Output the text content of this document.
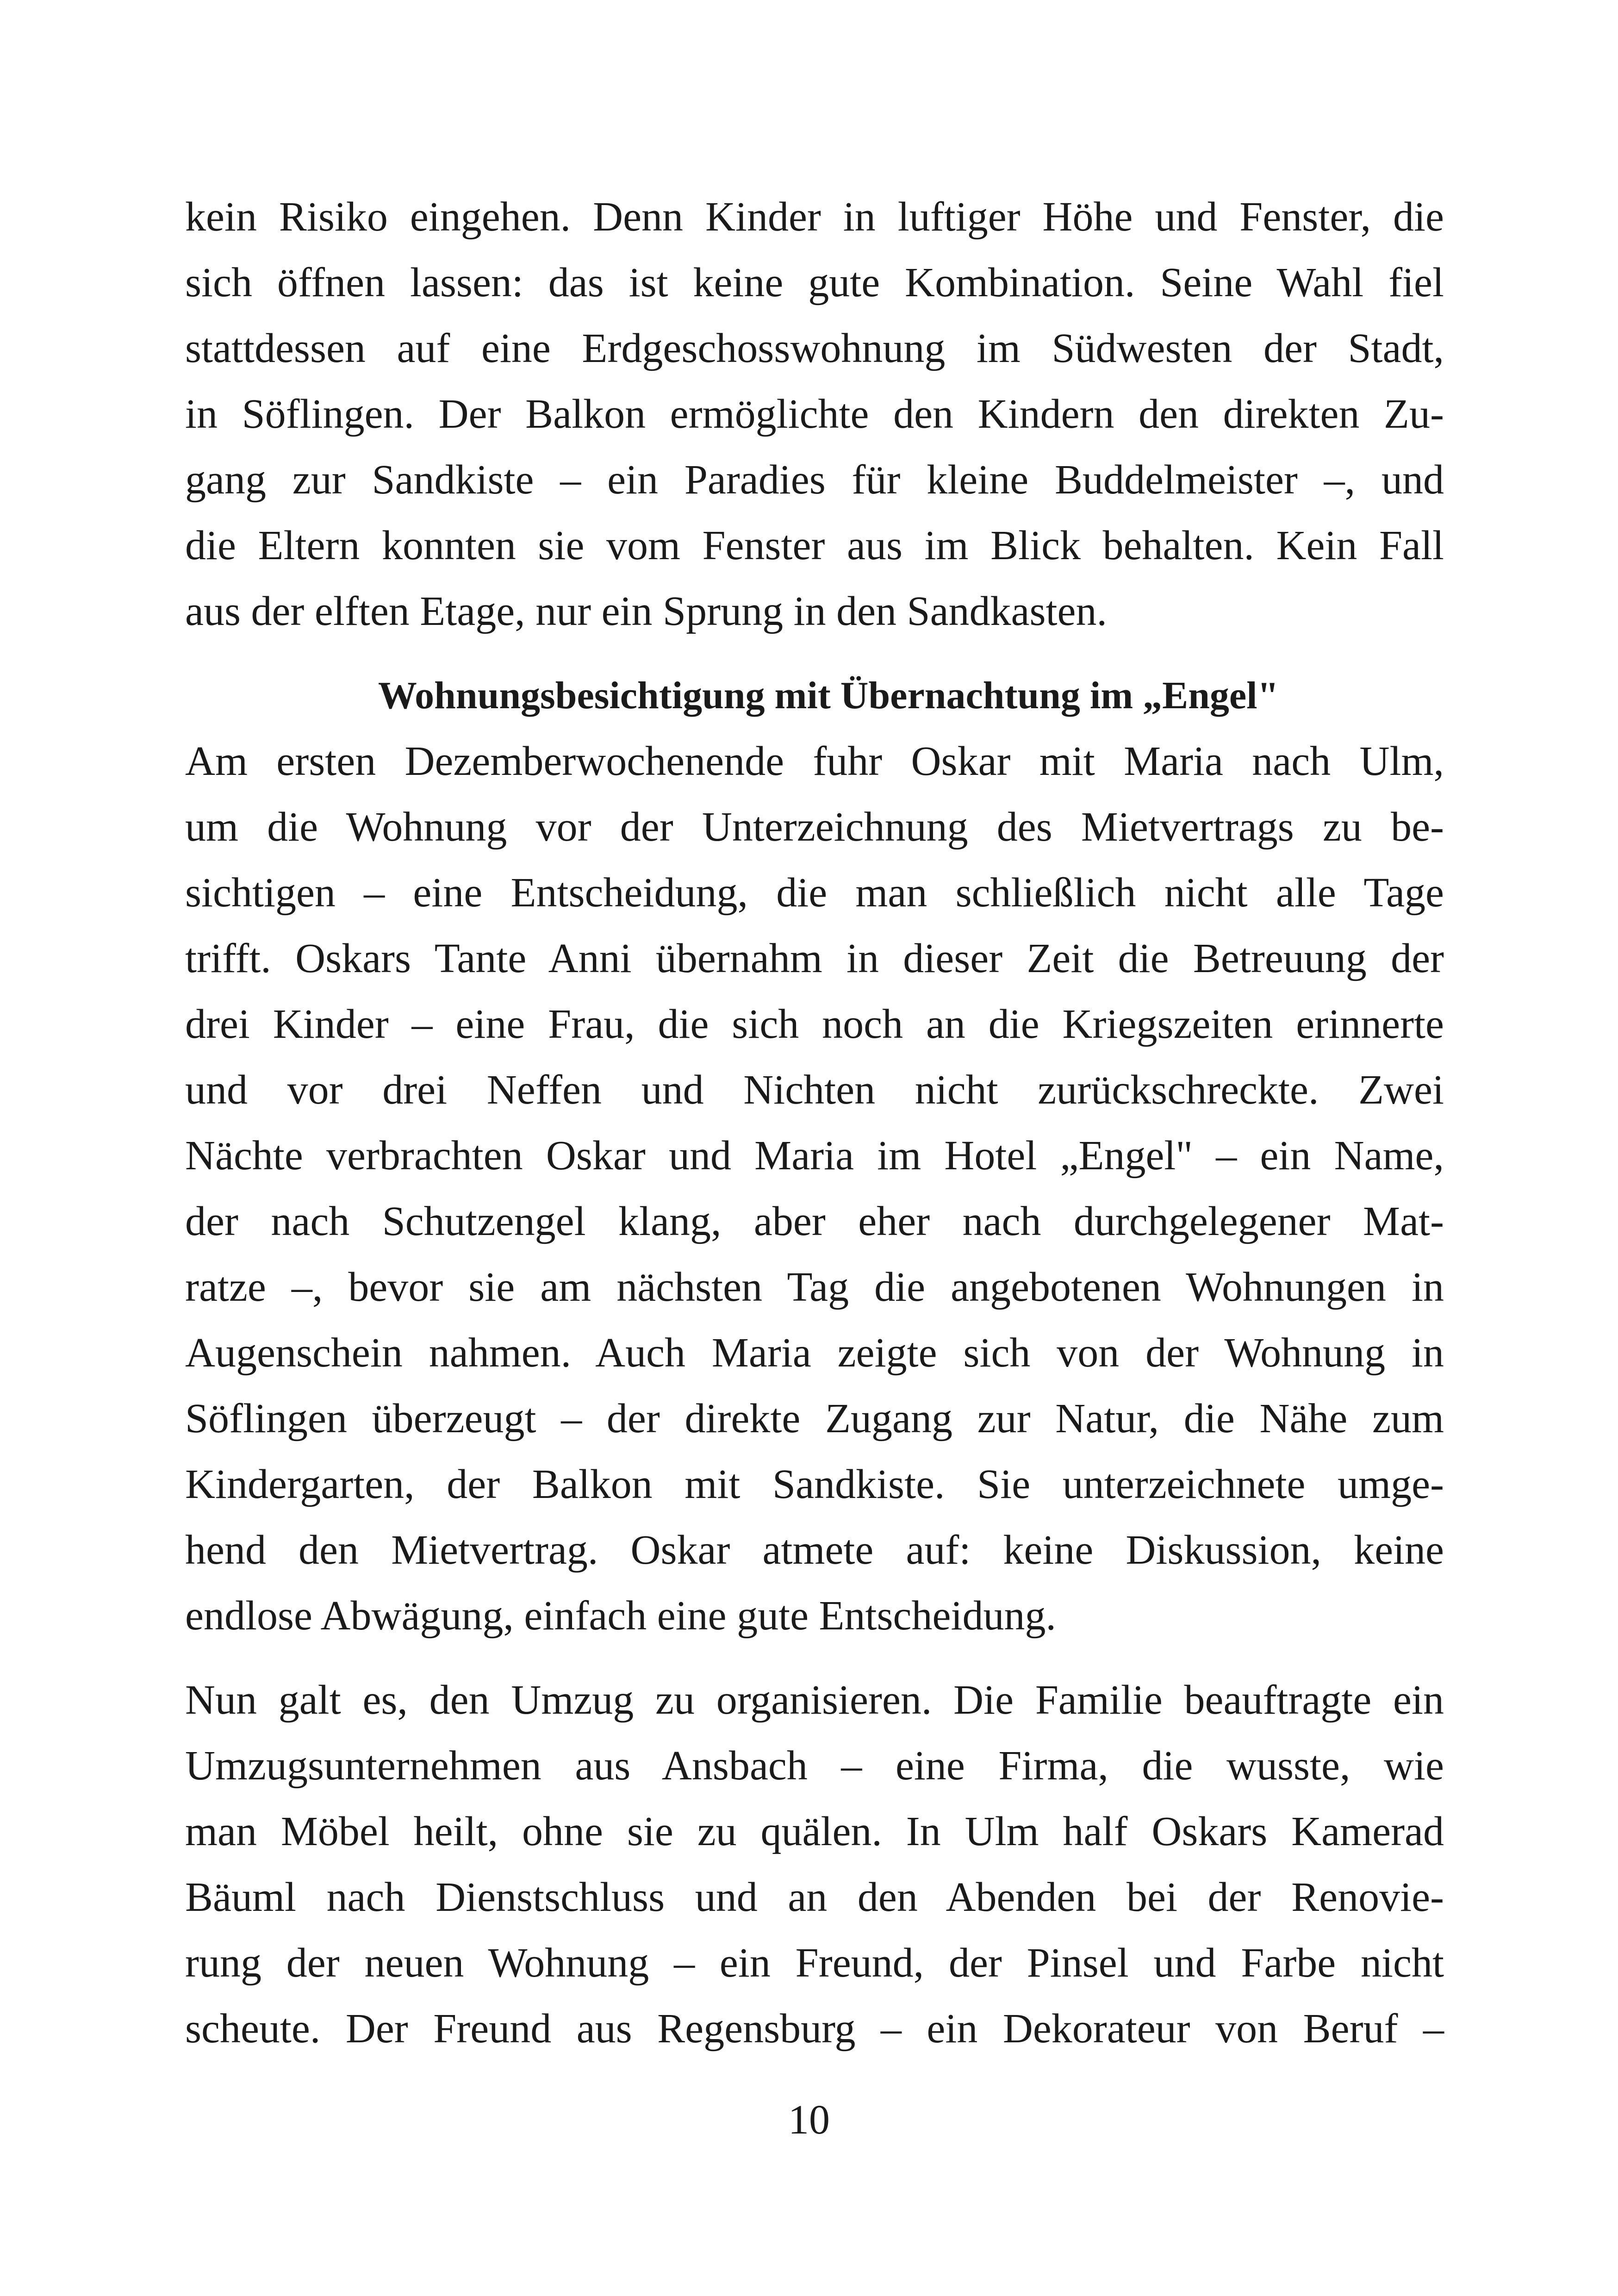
kein Risiko eingehen. Denn Kinder in luftiger Höhe und Fenster, die
sich öffnen lassen: das ist keine gute Kombination. Seine Wahl fiel
stattdessen auf eine Erdgeschosswohnung im Südwesten der Stadt,
in Söflingen. Der Balkon ermöglichte den Kindern den direkten Zu-
gang zur Sandkiste – ein Paradies für kleine Buddelmeister –, und
die Eltern konnten sie vom Fenster aus im Blick behalten. Kein Fall
aus der elften Etage, nur ein Sprung in den Sandkasten.

Wohnungsbesichtigung mit Übernachtung im „Engel"

Am ersten Dezemberwochenende fuhr Oskar mit Maria nach Ulm,
um die Wohnung vor der Unterzeichnung des Mietvertrags zu be-
sichtigen – eine Entscheidung, die man schließlich nicht alle Tage
trifft. Oskars Tante Anni übernahm in dieser Zeit die Betreuung der
drei Kinder – eine Frau, die sich noch an die Kriegszeiten erinnerte
und vor drei Neffen und Nichten nicht zurückschreckte. Zwei
Nächte verbrachten Oskar und Maria im Hotel „Engel" – ein Name,
der nach Schutzengel klang, aber eher nach durchgelegener Mat-
ratze –, bevor sie am nächsten Tag die angebotenen Wohnungen in
Augenschein nahmen. Auch Maria zeigte sich von der Wohnung in
Söflingen überzeugt – der direkte Zugang zur Natur, die Nähe zum
Kindergarten, der Balkon mit Sandkiste. Sie unterzeichnete umge-
hend den Mietvertrag. Oskar atmete auf: keine Diskussion, keine
endlose Abwägung, einfach eine gute Entscheidung.

Nun galt es, den Umzug zu organisieren. Die Familie beauftragte ein
Umzugsunternehmen aus Ansbach – eine Firma, die wusste, wie
man Möbel heilt, ohne sie zu quälen. In Ulm half Oskars Kamerad
Bäuml nach Dienstschluss und an den Abenden bei der Renovie-
rung der neuen Wohnung – ein Freund, der Pinsel und Farbe nicht
scheute. Der Freund aus Regensburg – ein Dekorateur von Beruf –

10
